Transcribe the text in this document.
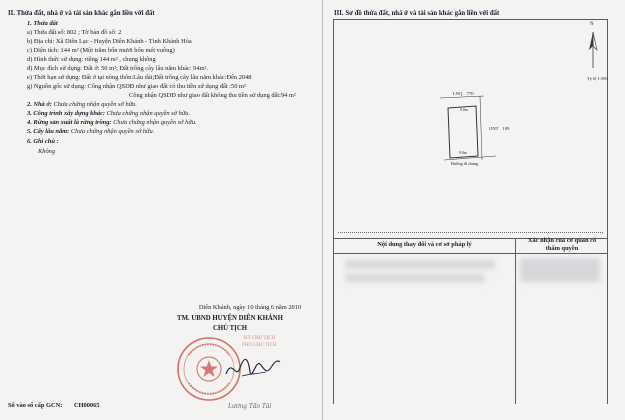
II. Thửa đất, nhà ở và tài sản khác gắn liền với đất
1. Thửa đất
a) Thửa đất số: 802 ; Tờ bản đồ số: 2
b) Địa chỉ: Xã Diên Lạc - Huyện Diên Khánh - Tỉnh Khánh Hòa
c) Diện tích: 144 m² (Một trăm bốn mươi bốn mét vuông)
d) Hình thức sử dụng: riêng 144 m² , chung không
đ) Mục đích sử dụng: Đất ở: 50 m²; Đất trồng cây lâu năm khác: 94m².
e) Thời hạn sử dụng: Đất ở tại nông thôn:Lâu dài;Đất trồng cây lâu năm khác:Đến 2048
g) Nguồn gốc sử dụng: Công nhận QSDĐ như giao đất có thu tiền sử dụng đất :50 m²
Công nhận QSDĐ như giao đất không thu tiền sử dụng đất:94 m²
2. Nhà ở: Chưa chứng nhận quyền sở hữu.
3. Công trình xây dựng khác: Chưa chứng nhận quyền sở hữu.
4. Rừng sản xuất là rừng trồng: Chưa chứng nhận quyền sở hữu.
5. Cây lâu năm: Chưa chứng nhận quyền sở hữu.
6. Ghi chú :
Không
Diên Khánh, ngày 10 tháng 6 năm 2010
TM. UBND HUYỆN DIÊN KHÁNH
CHỦ TỊCH
KT CHỦ TỊCH
PHÓ CHỦ TỊCH
Lương Tấn Tài
Số vào sổ cấp GCN: CH00065
III. Sơ đồ thửa đất, nhà ở và tài sản khác gắn liền với đất
N
Tỷ lệ 1:500
LNQ 770
ONT 109
9.0m
9.0m
Đường đi chung
Nội dung thay đổi và cơ sở pháp lý
Xác nhận của cơ quan có
thẩm quyền
